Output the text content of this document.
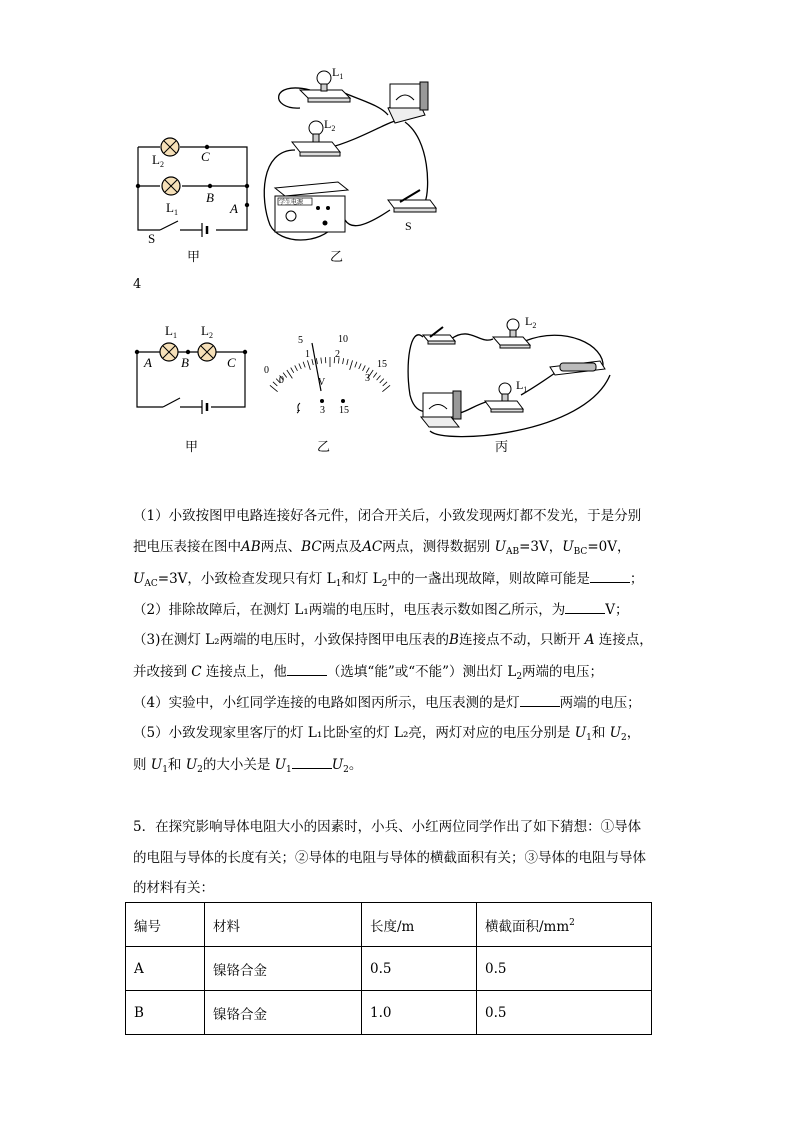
$L_2$
C
B
A
$L_1$
S
甲
$L_1$
$L_2$
学生电源
S
乙
4
$L_1$ $L_2$
A B	C
甲
0
5	10
15
0
1	2
3
V
- 3 15
乙
$L_2$
$L_1$
丙
（1）小致按图甲电路连接好各元件，闭合开关后，小致发现两灯都不发光，于是分别
把电压表接在图中AB两点、BC两点及AC两点，测得数据别 $U_{AB}=3V$，$U_{BC}=0V$，
$U_{AC}=3V$，小致检查发现只有灯 $L_1$和灯 $L_2$中的一盏出现故障，则故障可能是	；
（2）排除故障后，在测灯 L₁两端的电压时，电压表示数如图乙所示，为	V；
（3)在测灯 L₂两端的电压时，小致保持图甲电压表的B连接点不动，只断开 A 连接点，
并改接到 C 连接点上，他	（选填“能”或“不能”）测出灯 $L_2$两端的电压；
（4）实验中，小红同学连接的电路如图丙所示，电压表测的是灯	两端的电压；
（5）小致发现家里客厅的灯 L₁比卧室的灯 L₂亮，两灯对应的电压分别是 $U_1$和 $U_2$，
则 $U_1$和 $U_2$的大小关是 $U_1$	$U_2$。
5．在探究影响导体电阻大小的因素时，小兵、小红两位同学作出了如下猜想：①导体
的电阻与导体的长度有关；②导体的电阻与导体的横截面积有关；③导体的电阻与导体
的材料有关：
编号	材料	长度/m	横截面积$/mm^2$
A	镍铬合金	0.5	0.5
B	镍铬合金	1.0	0.5
